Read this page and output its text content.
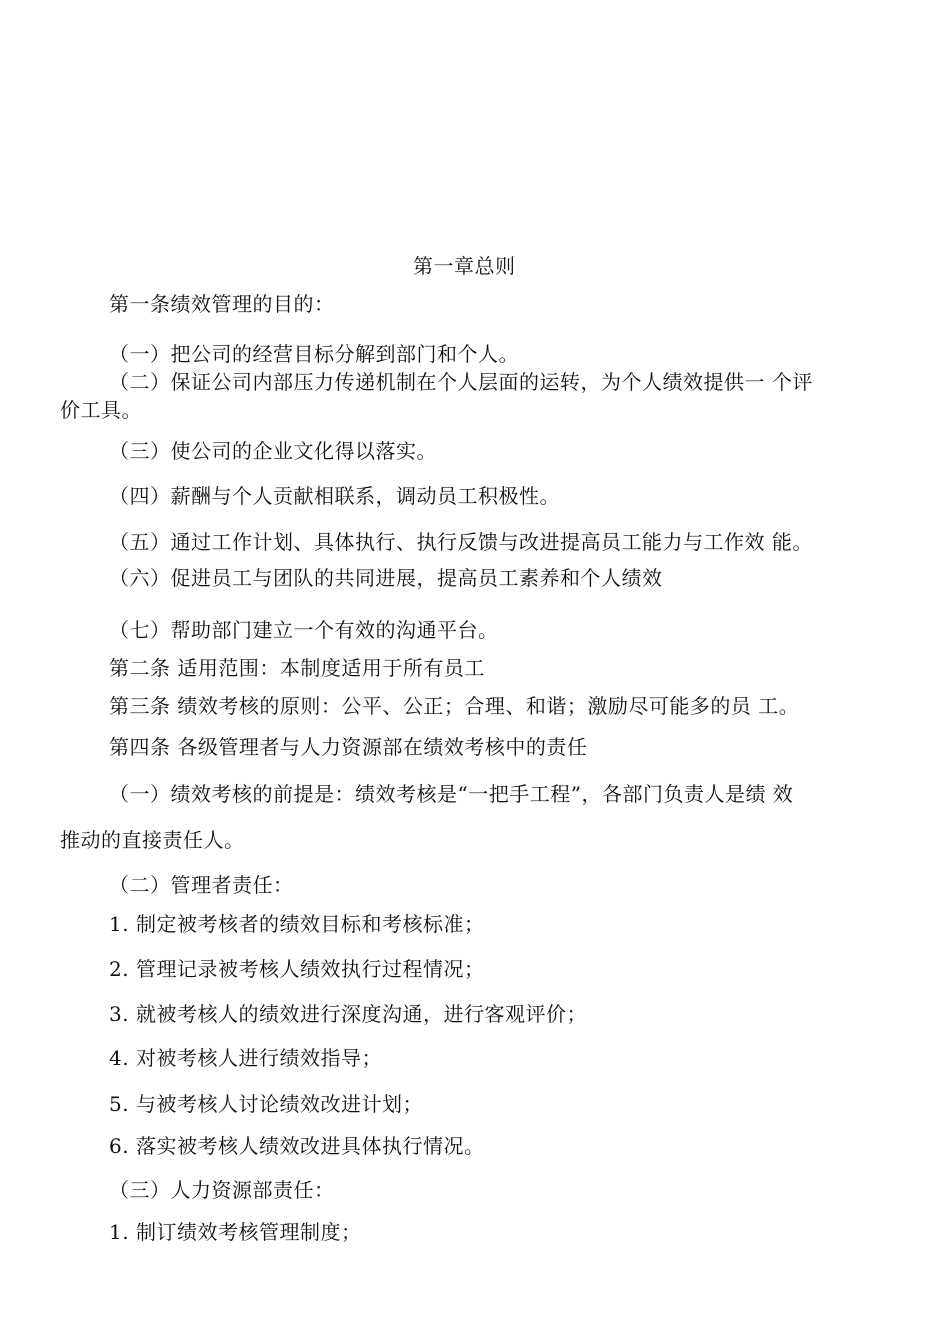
第一章总则
第一条绩效管理的目的：
（一）把公司的经营目标分解到部门和个人。
（二）保证公司内部压力传递机制在个人层面的运转，为个人绩效提供一 个评
价工具。
（三）使公司的企业文化得以落实。
（四）薪酬与个人贡献相联系，调动员工积极性。
（五）通过工作计划、具体执行、执行反馈与改进提高员工能力与工作效 能。
（六）促进员工与团队的共同进展，提高员工素养和个人绩效
（七）帮助部门建立一个有效的沟通平台。
第二条 适用范围：本制度适用于所有员工
第三条 绩效考核的原则：公平、公正；合理、和谐；激励尽可能多的员 工。
第四条 各级管理者与人力资源部在绩效考核中的责任
（一）绩效考核的前提是：绩效考核是“一把手工程”，各部门负责人是绩 效
推动的直接责任人。
（二）管理者责任：
1. 制定被考核者的绩效目标和考核标准；
2. 管理记录被考核人绩效执行过程情况；
3. 就被考核人的绩效进行深度沟通，进行客观评价；
4. 对被考核人进行绩效指导；
5. 与被考核人讨论绩效改进计划；
6. 落实被考核人绩效改进具体执行情况。
（三）人力资源部责任：
1. 制订绩效考核管理制度；
